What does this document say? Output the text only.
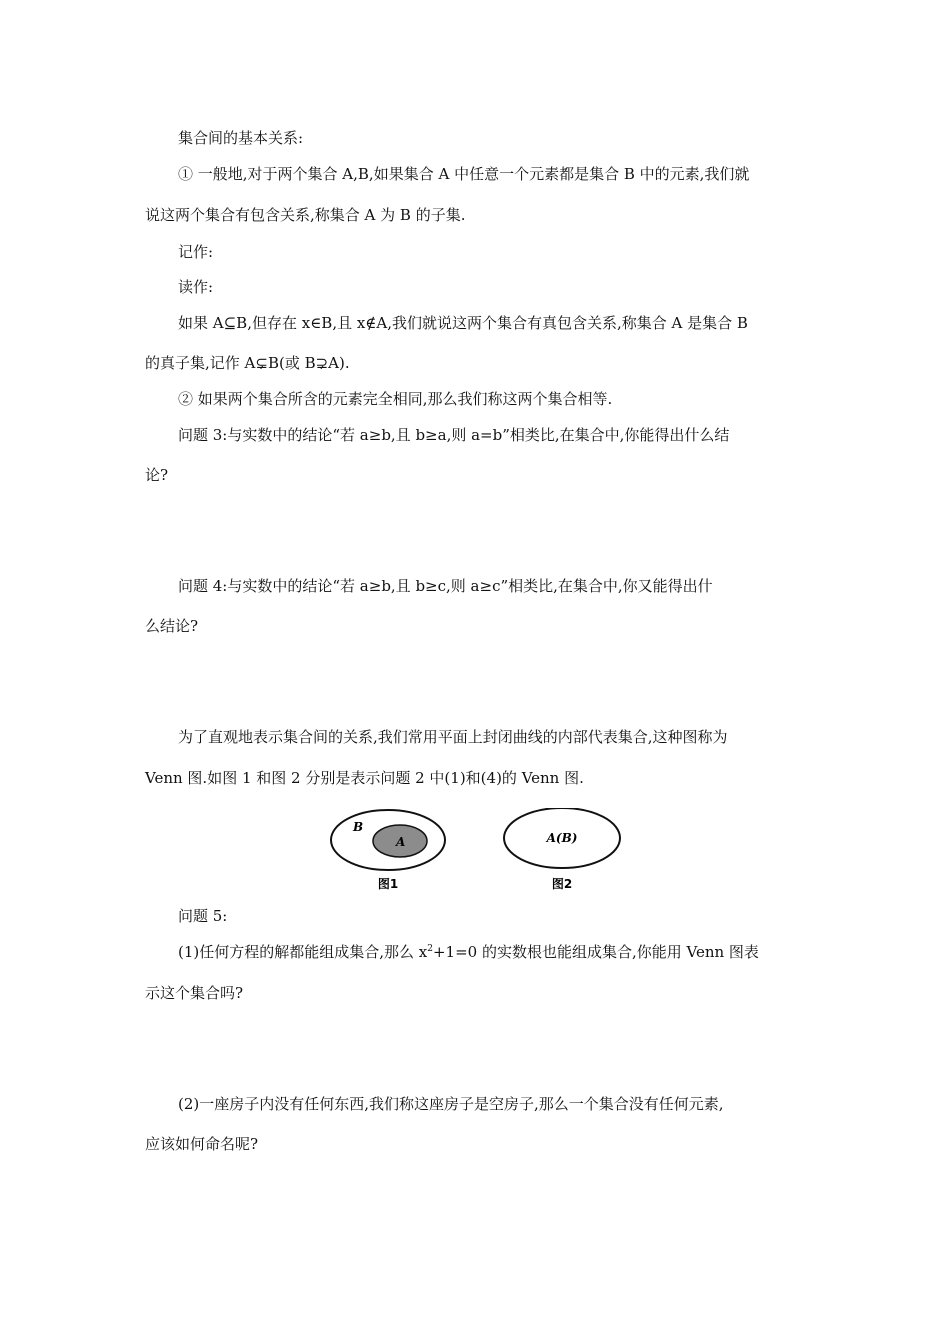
集合间的基本关系:
① 一般地,对于两个集合 A,B,如果集合 A 中任意一个元素都是集合 B 中的元素,我们就
说这两个集合有包含关系,称集合 A 为 B 的子集.
记作:
读作:
如果 A⊆B,但存在 x∈B,且 x∉A,我们就说这两个集合有真包含关系,称集合 A 是集合 B
的真子集,记作 A⊊B(或 B⊋A).
② 如果两个集合所含的元素完全相同,那么我们称这两个集合相等.
问题 3:与实数中的结论“若 a≥b,且 b≥a,则 a=b”相类比,在集合中,你能得出什么结
论?
问题 4:与实数中的结论“若 a≥b,且 b≥c,则 a≥c”相类比,在集合中,你又能得出什
么结论?
为了直观地表示集合间的关系,我们常用平面上封闭曲线的内部代表集合,这种图称为
Venn 图.如图 1 和图 2 分别是表示问题 2 中(1)和(4)的 Venn 图.
B
A
图1
A(B)
图2
问题 5:
(1)任何方程的解都能组成集合,那么 $x^2+1=0$ 的实数根也能组成集合,你能用 Venn 图表
示这个集合吗?
(2)一座房子内没有任何东西,我们称这座房子是空房子,那么一个集合没有任何元素,
应该如何命名呢?
